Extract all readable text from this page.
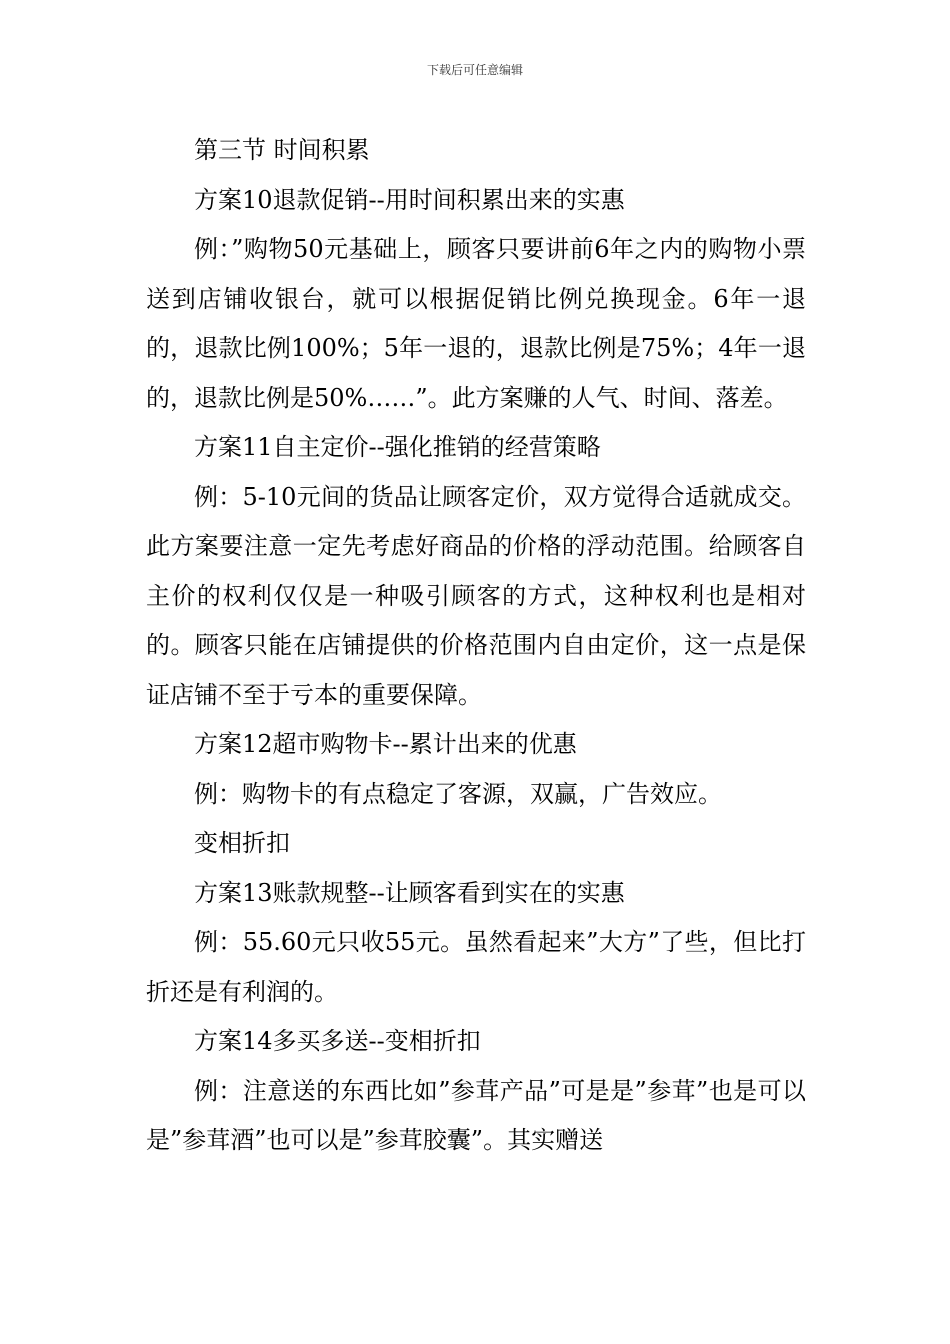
下载后可任意编辑

第三节 时间积累

方案10退款促销--用时间积累出来的实惠

例：”购物50元基础上，顾客只要讲前6年之内的购物小票送到店铺收银台，就可以根据促销比例兑换现金。6年一退的，退款比例100%；5年一退的，退款比例是75%；4年一退的，退款比例是50%……”。此方案赚的人气、时间、落差。

方案11自主定价--强化推销的经营策略

例：5-10元间的货品让顾客定价，双方觉得合适就成交。此方案要注意一定先考虑好商品的价格的浮动范围。给顾客自主价的权利仅仅是一种吸引顾客的方式，这种权利也是相对的。顾客只能在店铺提供的价格范围内自由定价，这一点是保证店铺不至于亏本的重要保障。

方案12超市购物卡--累计出来的优惠

例：购物卡的有点稳定了客源，双赢，广告效应。

变相折扣

方案13账款规整--让顾客看到实在的实惠

例：55.60元只收55元。虽然看起来”大方”了些，但比打折还是有利润的。

方案14多买多送--变相折扣

例：注意送的东西比如”参茸产品”可是是”参茸”也是可以是”参茸酒”也可以是”参茸胶囊”。其实赠送
